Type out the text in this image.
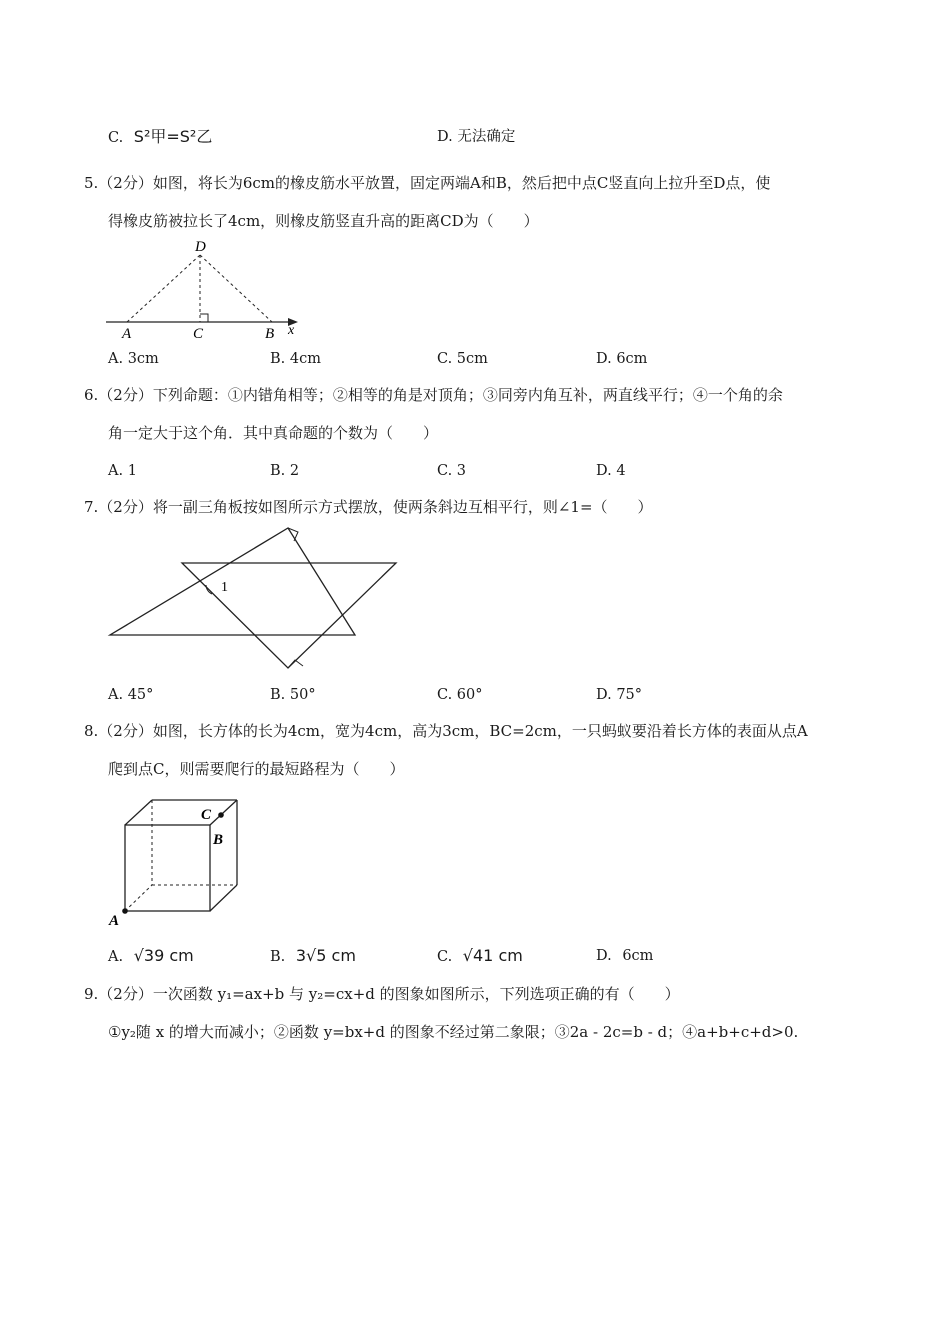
C. S²甲=S²乙	D. 无法确定
5.（2分）如图，将长为6cm的橡皮筋水平放置，固定两端A和B，然后把中点C竖直向上拉升至D点，使
得橡皮筋被拉长了4cm，则橡皮筋竖直升高的距离CD为（　　）
D
A	C	B x
A. 3cm	B. 4cm	C. 5cm	D. 6cm
6.（2分）下列命题：①内错角相等；②相等的角是对顶角；③同旁内角互补，两直线平行；④一个角的余
角一定大于这个角．其中真命题的个数为（　　）
A. 1	B. 2	C. 3	D. 4
7.（2分）将一副三角板按如图所示方式摆放，使两条斜边互相平行，则∠1=（　　）
1
A. 45°	B. 50°	C. 60°	D. 75°
8.（2分）如图，长方体的长为4cm，宽为4cm，高为3cm，BC=2cm，一只蚂蚁要沿着长方体的表面从点A
爬到点C，则需要爬行的最短路程为（　　）
C
B
A
A. √39 cm	B. 3√5 cm	C. √41 cm	D. 6cm
9.（2分）一次函数 y₁=ax+b 与 y₂=cx+d 的图象如图所示，下列选项正确的有（　　）
①y₂随 x 的增大而减小；②函数 y=bx+d 的图象不经过第二象限；③2a - 2c=b - d；④a+b+c+d>0.
